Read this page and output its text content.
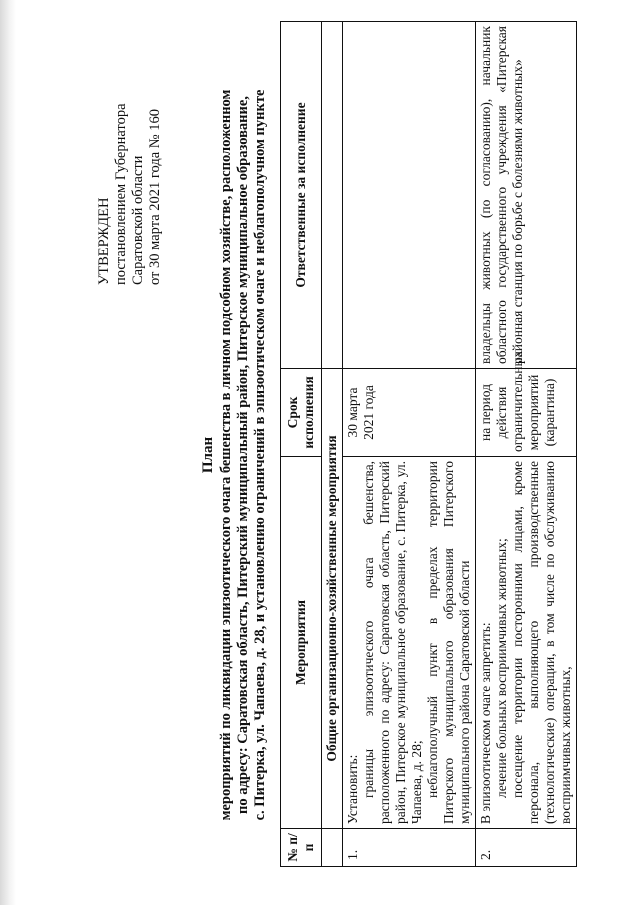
УТВЕРЖДЕН постановлением Губернатора Саратовской области от 30 марта 2021 года № 160
План мероприятий по ликвидации эпизоотического очага бешенства в личном подсобном хозяйстве, расположенном по адресу: Саратовская область, Питерский муниципальный район, Питерское муниципальное образование, с. Питерка, ул. Чапаева, д. 28, и установлению ограничений в эпизоотическом очаге и неблагополучном пункте
№ п/п	Мероприятия	Срок исполнения	Ответственные за исполнение
	Общие организационно-хозяйственные мероприятия		
1.	Установить: границы эпизоотического очага бешенства, расположенного по адресу: Саратовская область, Питерский район, Питерское муниципальное образование, с. Питерка, ул. Чапаева, д. 28; неблагополучный пункт в пределах территории Питерского муниципального образования Питерского муниципального района Саратовской области	30 марта 2021 года	
2.	В эпизоотическом очаге запретить: лечение больных восприимчивых животных; посещение территории посторонними лицами, кроме персонала, выполняющего производственные (технологические) операции, в том числе по обслуживанию восприимчивых животных,	на период действия ограничительных мероприятий (карантина)	владельцы животных (по согласованию), начальник областного государственного учреждения «Питерская районная станция по борьбе с болезнями животных»
